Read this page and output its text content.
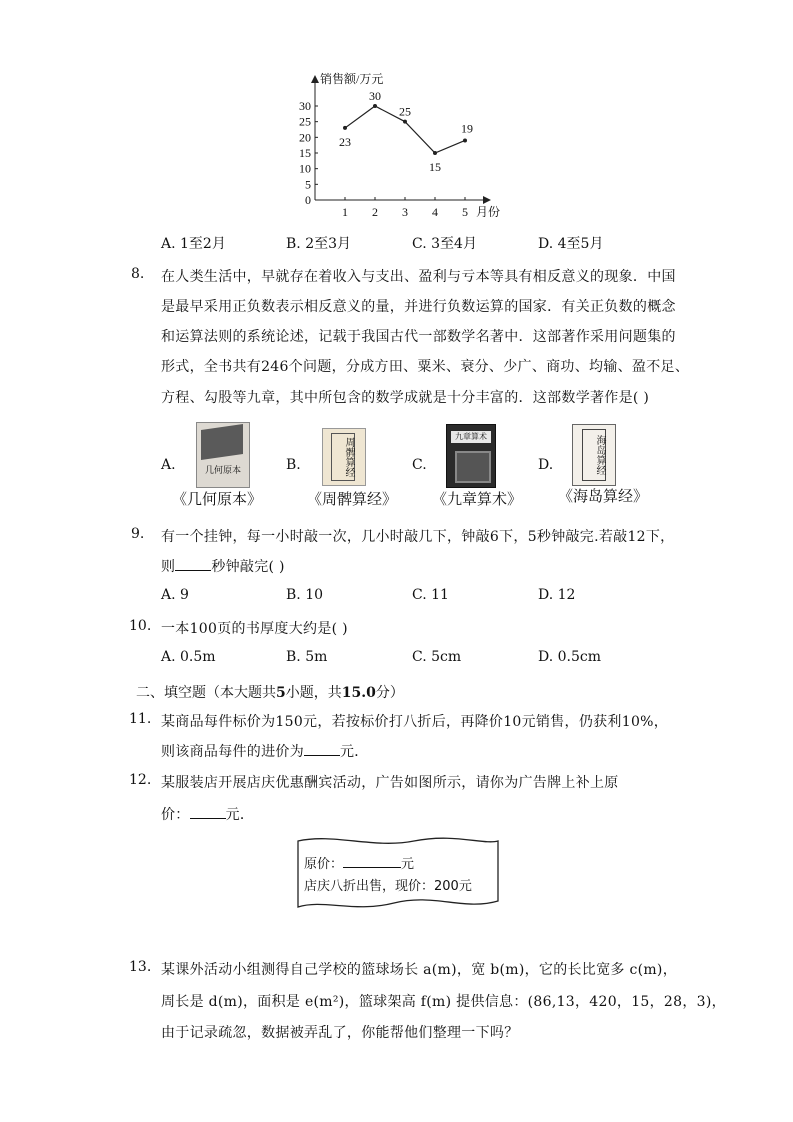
销售额/万元
月份
0
5
10
15
20
25
30
1 2 3 4 5
23
30
25
15
19
A. 1至2月	B. 2至3月	C. 3至4月	D. 4至5月
8. 在人类生活中，早就存在着收入与支出、盈利与亏本等具有相反意义的现象．中国
是最早采用正负数表示相反意义的量，并进行负数运算的国家．有关正负数的概念
和运算法则的系统论述，记载于我国古代一部数学名著中．这部著作采用问题集的
形式，全书共有246个问题，分成方田、粟米、衰分、少广、商功、均输、盈不足、
方程、勾股等九章，其中所包含的数学成就是十分丰富的．这部数学著作是( )
A.	几何原本
《几何原本》
B.	周髀算经
《周髀算经》
C.
九章算术
《九章算术》
D.	海岛算经
《海岛算经》
9. 有一个挂钟，每一小时敲一次，几小时敲几下，钟敲6下，5秒钟敲完.若敲12下，
则	秒钟敲完( )
A. 9	B. 10	C. 11	D. 12
10. 一本100页的书厚度大约是( )
A. 0.5m	B. 5m	C. 5cm	D. 0.5cm
二、填空题（本大题共5小题，共15.0分）
11. 某商品每件标价为150元，若按标价打八折后，再降价10元销售，仍获利10%，
则该商品每件的进价为	元．
12. 某服装店开展店庆优惠酬宾活动，广告如图所示，请你为广告牌上补上原
价：	元．
原价：	元
店庆八折出售，现价：200元
13. 某课外活动小组测得自己学校的篮球场长 a(m)，宽 b(m)，它的长比宽多 c(m)，
周长是 d(m)，面积是 e(m²)，篮球架高 f(m) 提供信息：(86,13，420，15，28，3)，
由于记录疏忽，数据被弄乱了，你能帮他们整理一下吗？
